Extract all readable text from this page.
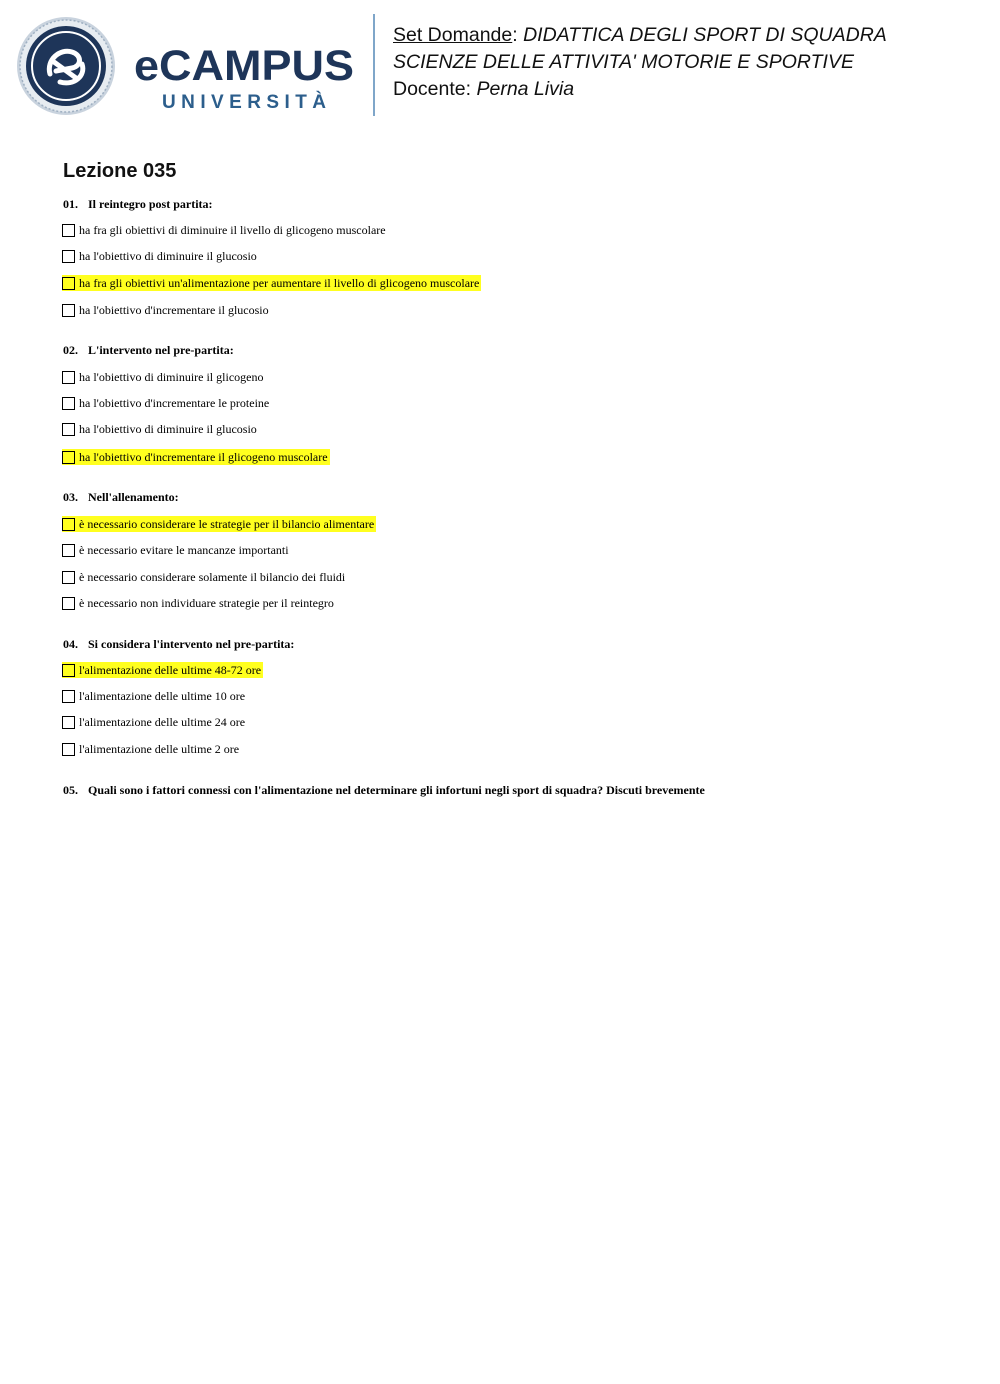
eCAMPUS
UNIVERSITÀ
Set Domande: DIDATTICA DEGLI SPORT DI SQUADRA
SCIENZE DELLE ATTIVITA' MOTORIE E SPORTIVE
Docente: Perna Livia
Lezione 035
01. Il reintegro post partita:
ha fra gli obiettivi di diminuire il livello di glicogeno muscolare
ha l'obiettivo di diminuire il glucosio
ha fra gli obiettivi un'alimentazione per aumentare il livello di glicogeno muscolare
ha l'obiettivo d'incrementare il glucosio
02. L'intervento nel pre-partita:
ha l'obiettivo di diminuire il glicogeno
ha l'obiettivo d'incrementare le proteine
ha l'obiettivo di diminuire il glucosio
ha l'obiettivo d'incrementare il glicogeno muscolare
03. Nell'allenamento:
è necessario considerare le strategie per il bilancio alimentare
è necessario evitare le mancanze importanti
è necessario considerare solamente il bilancio dei fluidi
è necessario non individuare strategie per il reintegro
04. Si considera l'intervento nel pre-partita:
l'alimentazione delle ultime 48-72 ore
l'alimentazione delle ultime 10 ore
l'alimentazione delle ultime 24 ore
l'alimentazione delle ultime 2 ore
05. Quali sono i fattori connessi con l'alimentazione nel determinare gli infortuni negli sport di squadra? Discuti brevemente
